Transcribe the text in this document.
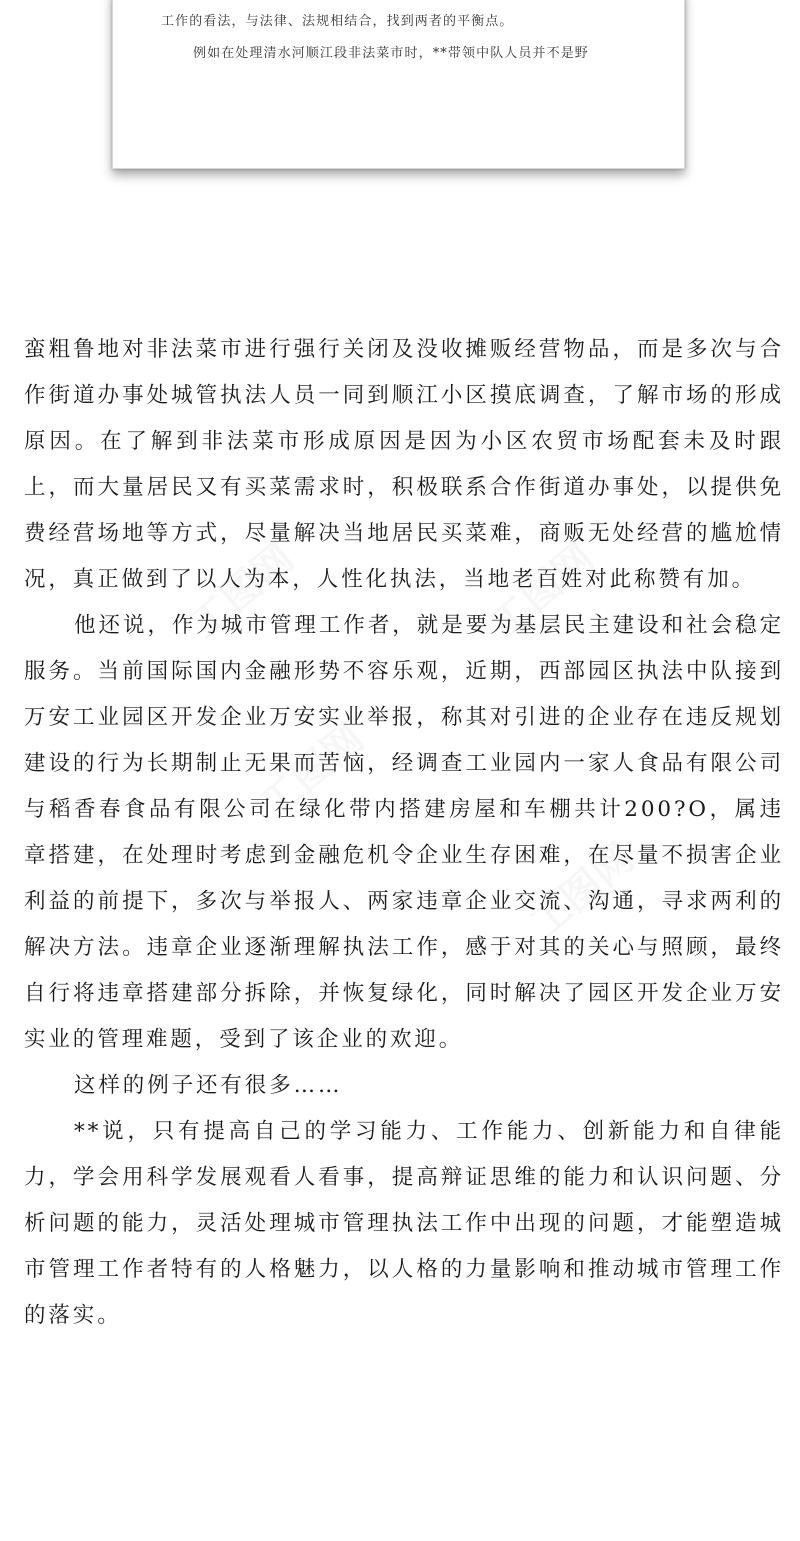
工作的看法，与法律、法规相结合，找到两者的平衡点。
例如在处理清水河顺江段非法菜市时，**带领中队人员并不是野

蛮粗鲁地对非法菜市进行强行关闭及没收摊贩经营物品，而是多次与合作街道办事处城管执法人员一同到顺江小区摸底调查，了解市场的形成原因。在了解到非法菜市形成原因是因为小区农贸市场配套未及时跟上，而大量居民又有买菜需求时，积极联系合作街道办事处，以提供免费经营场地等方式，尽量解决当地居民买菜难，商贩无处经营的尴尬情况，真正做到了以人为本，人性化执法，当地老百姓对此称赞有加。

他还说，作为城市管理工作者，就是要为基层民主建设和社会稳定服务。当前国际国内金融形势不容乐观，近期，西部园区执法中队接到万安工业园区开发企业万安实业举报，称其对引进的企业存在违反规划建设的行为长期制止无果而苦恼，经调查工业园内一家人食品有限公司与稻香春食品有限公司在绿化带内搭建房屋和车棚共计200?O，属违章搭建，在处理时考虑到金融危机令企业生存困难，在尽量不损害企业利益的前提下，多次与举报人、两家违章企业交流、沟通，寻求两利的解决方法。违章企业逐渐理解执法工作，感于对其的关心与照顾，最终自行将违章搭建部分拆除，并恢复绿化，同时解决了园区开发企业万安实业的管理难题，受到了该企业的欢迎。

这样的例子还有很多……

**说，只有提高自己的学习能力、工作能力、创新能力和自律能力，学会用科学发展观看人看事，提高辩证思维的能力和认识问题、分析问题的能力，灵活处理城市管理执法工作中出现的问题，才能塑造城市管理工作者特有的人格魅力，以人格的力量影响和推动城市管理工作的落实。
